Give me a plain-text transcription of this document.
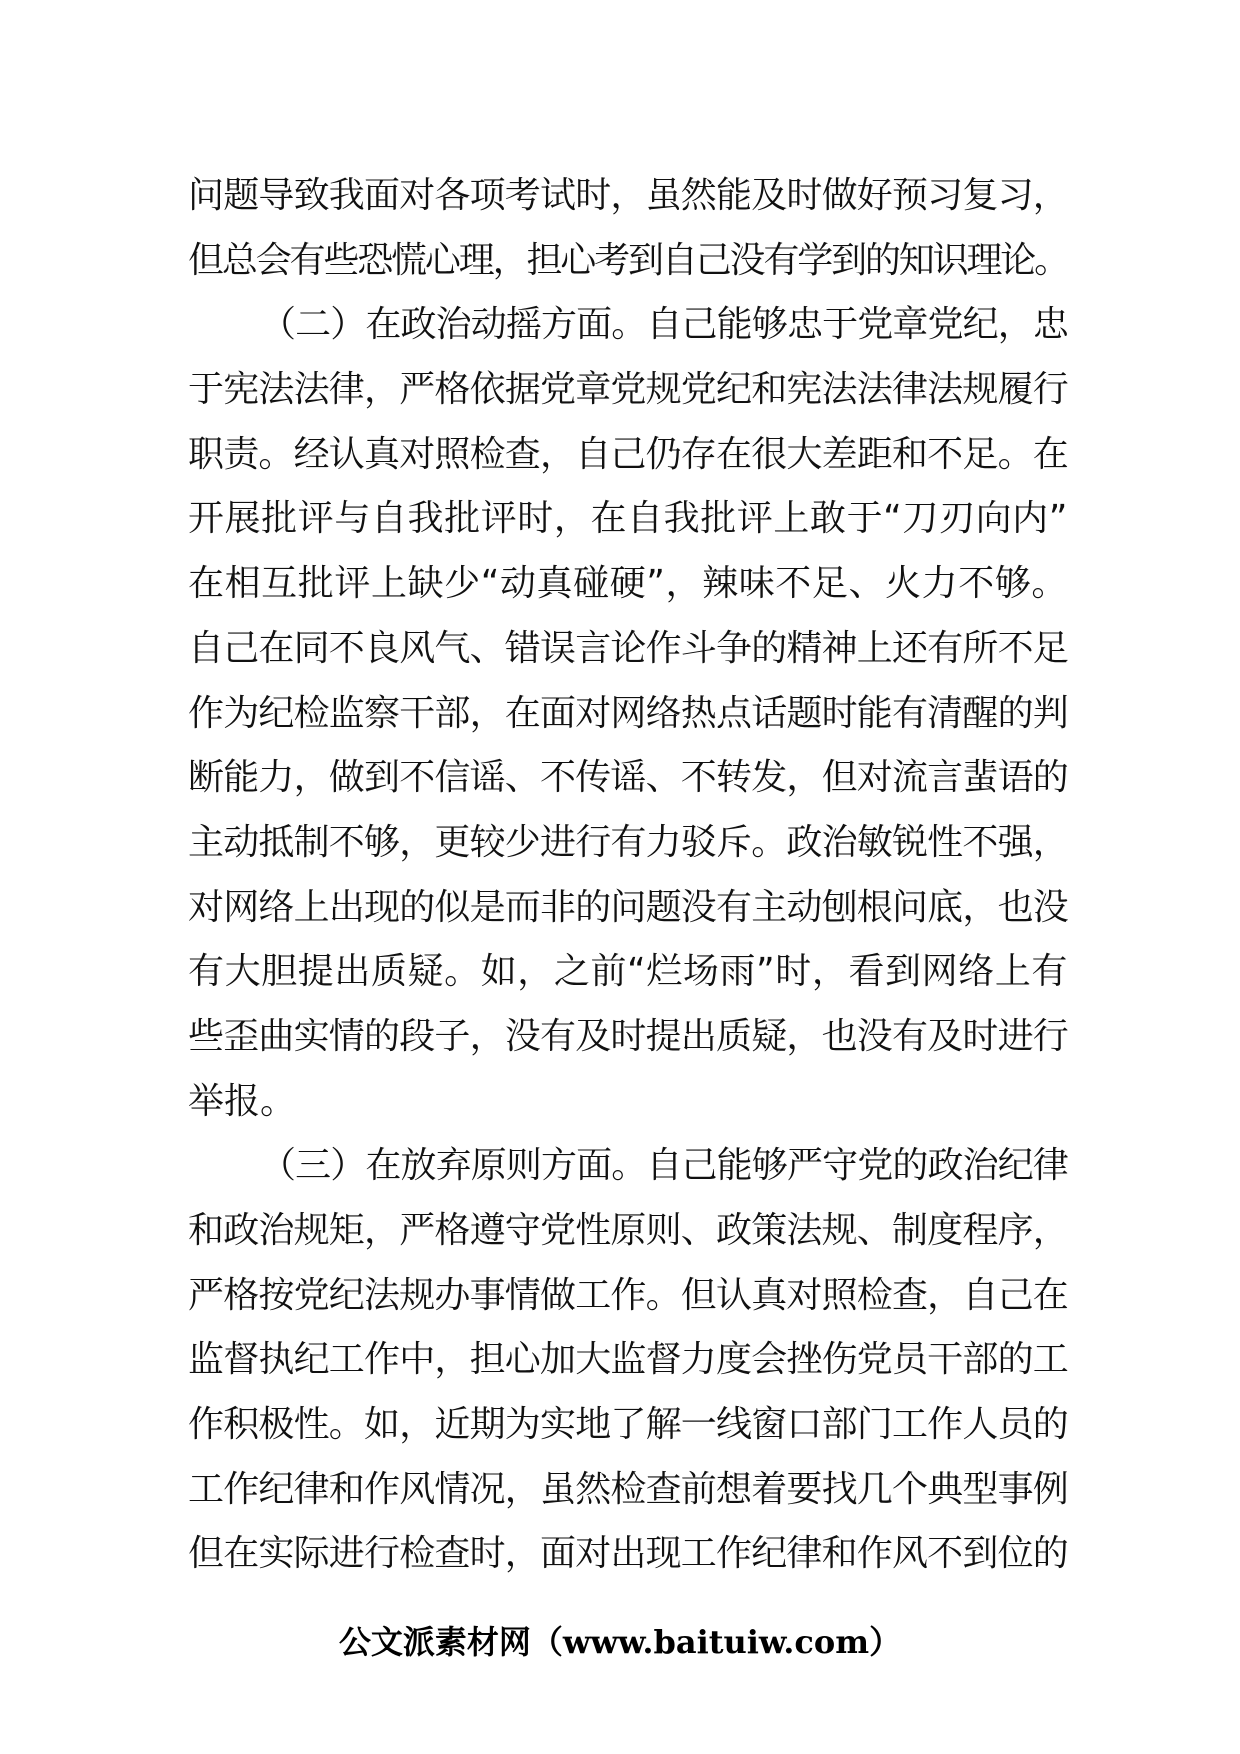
问题导致我面对各项考试时，虽然能及时做好预习复习，
但总会有些恐慌心理，担心考到自己没有学到的知识理论。
（二）在政治动摇方面。自己能够忠于党章党纪，忠
于宪法法律，严格依据党章党规党纪和宪法法律法规履行
职责。经认真对照检查，自己仍存在很大差距和不足。在
开展批评与自我批评时，在自我批评上敢于“刀刃向内”
在相互批评上缺少“动真碰硬”，辣味不足、火力不够。
自己在同不良风气、错误言论作斗争的精神上还有所不足
作为纪检监察干部，在面对网络热点话题时能有清醒的判
断能力，做到不信谣、不传谣、不转发，但对流言蜚语的
主动抵制不够，更较少进行有力驳斥。政治敏锐性不强，
对网络上出现的似是而非的问题没有主动刨根问底，也没
有大胆提出质疑。如，之前“烂场雨”时，看到网络上有
些歪曲实情的段子，没有及时提出质疑，也没有及时进行
举报。
（三）在放弃原则方面。自己能够严守党的政治纪律
和政治规矩，严格遵守党性原则、政策法规、制度程序，
严格按党纪法规办事情做工作。但认真对照检查，自己在
监督执纪工作中，担心加大监督力度会挫伤党员干部的工
作积极性。如，近期为实地了解一线窗口部门工作人员的
工作纪律和作风情况，虽然检查前想着要找几个典型事例
但在实际进行检查时，面对出现工作纪律和作风不到位的
公文派素材网（www.baituiw.com）
